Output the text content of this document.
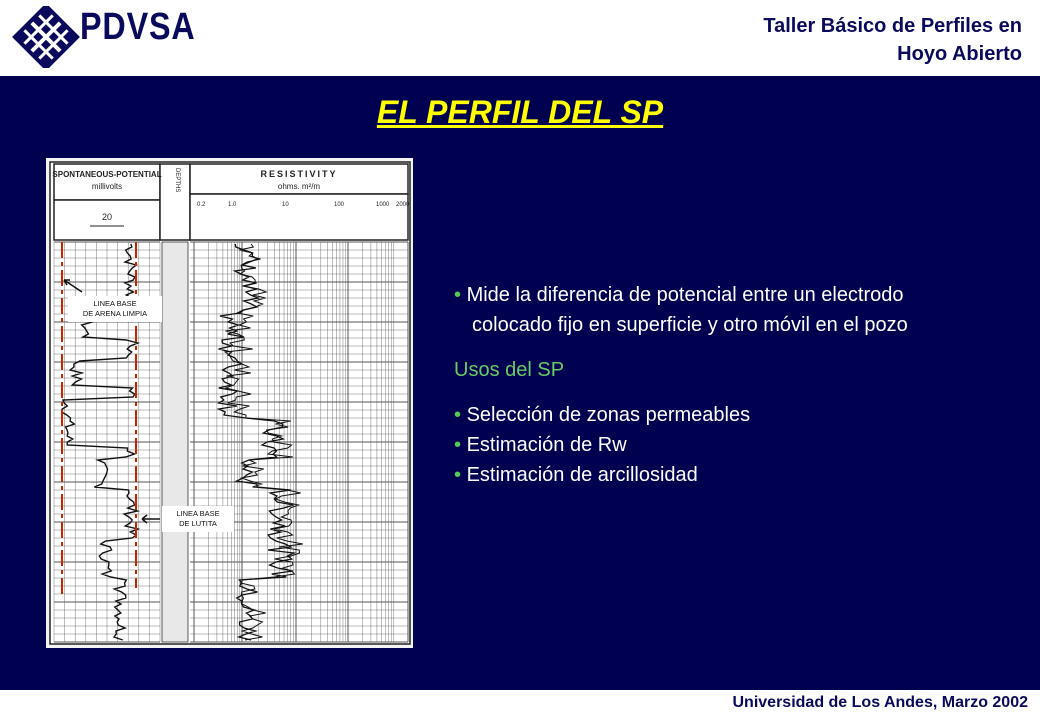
PDVSA	Taller Básico de Perfiles en
Hoyo Abierto
EL PERFIL DEL SP
SPONTANEOUS-POTENTIAL
millivolts
20
DEPTHS	RESISTIVITY
ohms. m²/m
0.2	1.0	10	100	1000 2000
LINEA BASE
DE ARENA LIMPIA
LINEA BASE
DE LUTITA
• Mide la diferencia de potencial entre un electrodo
colocado fijo en superficie y otro móvil en el pozo
Usos del SP
• Selección de zonas permeables
• Estimación de Rw
• Estimación de arcillosidad
Universidad de Los Andes, Marzo 2002
